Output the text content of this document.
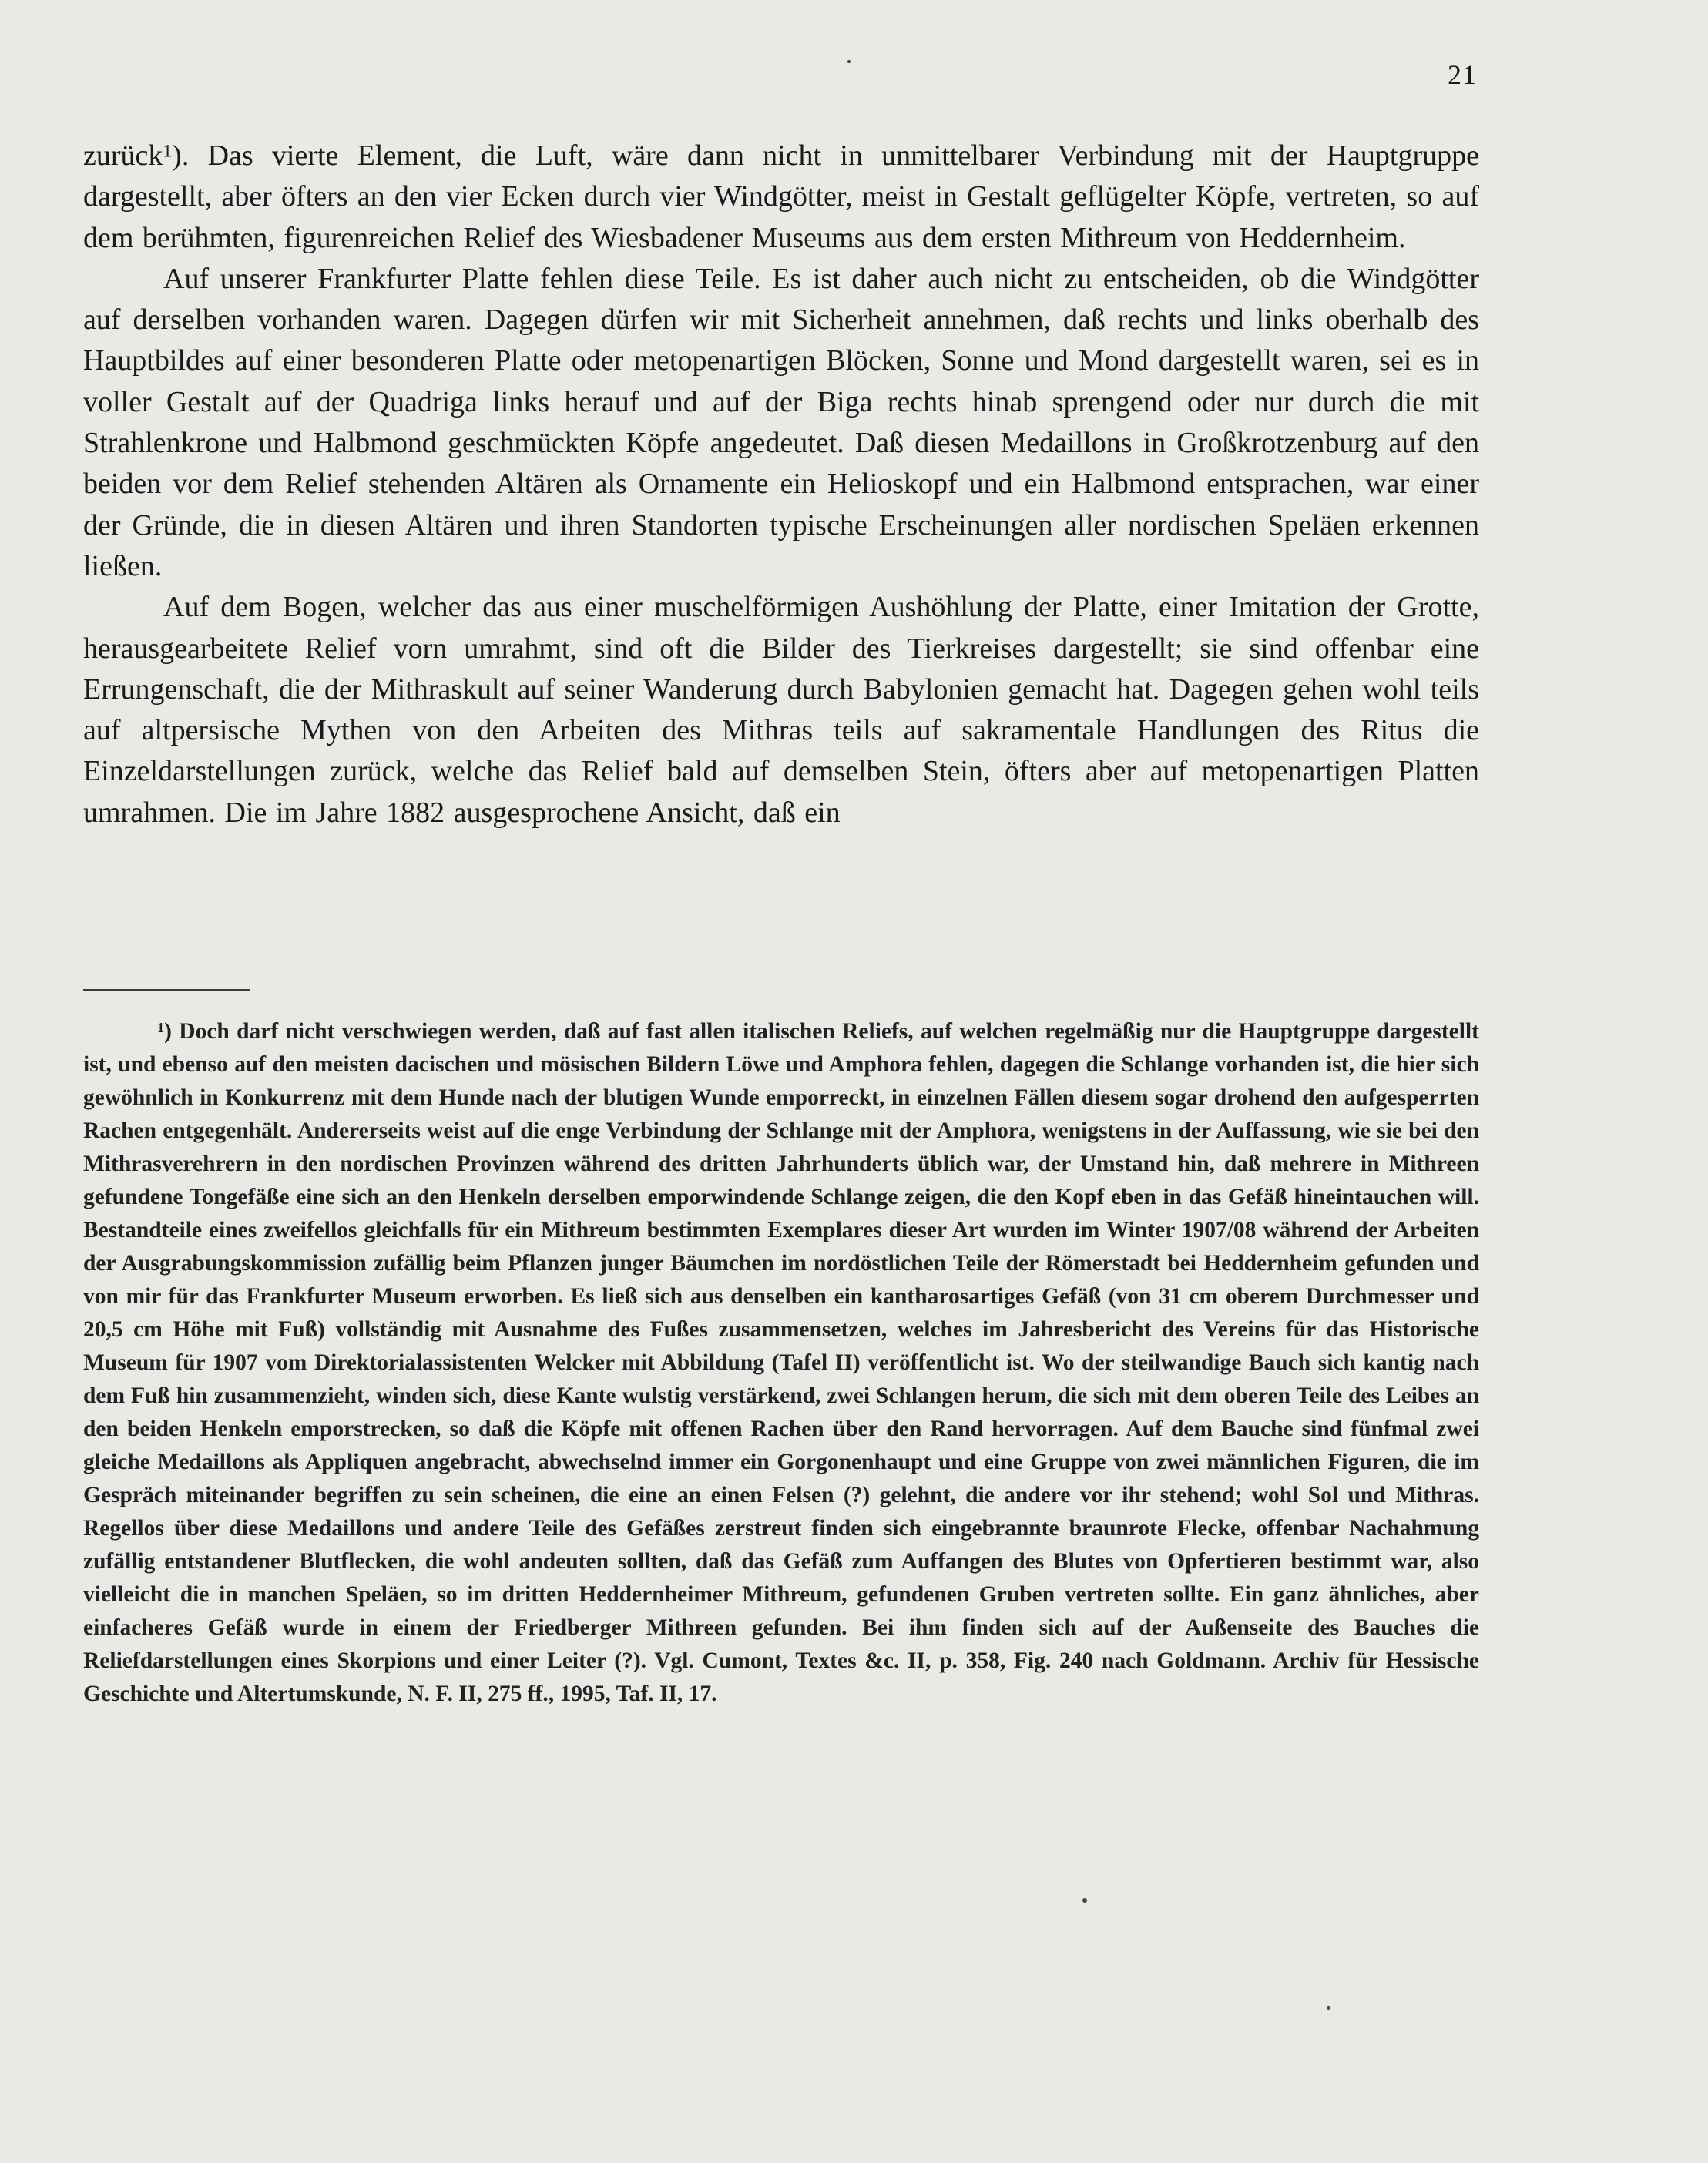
21

zurück$^1$). Das vierte Element, die Luft, wäre dann nicht in unmittelbarer Verbindung mit der Hauptgruppe dargestellt, aber öfters an den vier Ecken durch vier Windgötter, meist in Gestalt geflügelter Köpfe, vertreten, so auf dem berühmten, figurenreichen Relief des Wiesbadener Museums aus dem ersten Mithreum von Heddernheim.

Auf unserer Frankfurter Platte fehlen diese Teile. Es ist daher auch nicht zu entscheiden, ob die Windgötter auf derselben vorhanden waren. Dagegen dürfen wir mit Sicherheit annehmen, daß rechts und links oberhalb des Hauptbildes auf einer besonderen Platte oder metopenartigen Blöcken, Sonne und Mond dargestellt waren, sei es in voller Gestalt auf der Quadriga links herauf und auf der Biga rechts hinab sprengend oder nur durch die mit Strahlenkrone und Halbmond geschmückten Köpfe angedeutet. Daß diesen Medaillons in Großkrotzenburg auf den beiden vor dem Relief stehenden Altären als Ornamente ein Helioskopf und ein Halbmond entsprachen, war einer der Gründe, die in diesen Altären und ihren Standorten typische Erscheinungen aller nordischen Speläen erkennen ließen.

Auf dem Bogen, welcher das aus einer muschelförmigen Aushöhlung der Platte, einer Imitation der Grotte, herausgearbeitete Relief vorn umrahmt, sind oft die Bilder des Tierkreises dargestellt; sie sind offenbar eine Errungenschaft, die der Mithraskult auf seiner Wanderung durch Babylonien gemacht hat. Dagegen gehen wohl teils auf altpersische Mythen von den Arbeiten des Mithras teils auf sakramentale Handlungen des Ritus die Einzeldarstellungen zurück, welche das Relief bald auf demselben Stein, öfters aber auf metopenartigen Platten umrahmen. Die im Jahre 1882 ausgesprochene Ansicht, daß ein

$^1$) Doch darf nicht verschwiegen werden, daß auf fast allen italischen Reliefs, auf welchen regelmäßig nur die Hauptgruppe dargestellt ist, und ebenso auf den meisten dacischen und mösischen Bildern Löwe und Amphora fehlen, dagegen die Schlange vorhanden ist, die hier sich gewöhnlich in Konkurrenz mit dem Hunde nach der blutigen Wunde emporreckt, in einzelnen Fällen diesem sogar drohend den aufgesperrten Rachen entgegenhält. Andererseits weist auf die enge Verbindung der Schlange mit der Amphora, wenigstens in der Auffassung, wie sie bei den Mithrasverehrern in den nordischen Provinzen während des dritten Jahrhunderts üblich war, der Umstand hin, daß mehrere in Mithreen gefundene Tongefäße eine sich an den Henkeln derselben emporwindende Schlange zeigen, die den Kopf eben in das Gefäß hineintauchen will. Bestandteile eines zweifellos gleichfalls für ein Mithreum bestimmten Exemplares dieser Art wurden im Winter 1907/08 während der Arbeiten der Ausgrabungskommission zufällig beim Pflanzen junger Bäumchen im nordöstlichen Teile der Römerstadt bei Heddernheim gefunden und von mir für das Frankfurter Museum erworben. Es ließ sich aus denselben ein kantharosartiges Gefäß (von 31 cm oberem Durchmesser und 20,5 cm Höhe mit Fuß) vollständig mit Ausnahme des Fußes zusammensetzen, welches im Jahresbericht des Vereins für das Historische Museum für 1907 vom Direktorialassistenten Welcker mit Abbildung (Tafel II) veröffentlicht ist. Wo der steilwandige Bauch sich kantig nach dem Fuß hin zusammenzieht, winden sich, diese Kante wulstig verstärkend, zwei Schlangen herum, die sich mit dem oberen Teile des Leibes an den beiden Henkeln emporstrecken, so daß die Köpfe mit offenen Rachen über den Rand hervorragen. Auf dem Bauche sind fünfmal zwei gleiche Medaillons als Appliquen angebracht, abwechselnd immer ein Gorgonenhaupt und eine Gruppe von zwei männlichen Figuren, die im Gespräch miteinander begriffen zu sein scheinen, die eine an einen Felsen (?) gelehnt, die andere vor ihr stehend; wohl Sol und Mithras. Regellos über diese Medaillons und andere Teile des Gefäßes zerstreut finden sich eingebrannte braunrote Flecke, offenbar Nachahmung zufällig entstandener Blutflecken, die wohl andeuten sollten, daß das Gefäß zum Auffangen des Blutes von Opfertieren bestimmt war, also vielleicht die in manchen Speläen, so im dritten Heddernheimer Mithreum, gefundenen Gruben vertreten sollte. Ein ganz ähnliches, aber einfacheres Gefäß wurde in einem der Friedberger Mithreen gefunden. Bei ihm finden sich auf der Außenseite des Bauches die Reliefdarstellungen eines Skorpions und einer Leiter (?). Vgl. Cumont, Textes &c. II, p. 358, Fig. 240 nach Goldmann. Archiv für Hessische Geschichte und Altertumskunde, N. F. II, 275 ff., 1995, Taf. II, 17.
